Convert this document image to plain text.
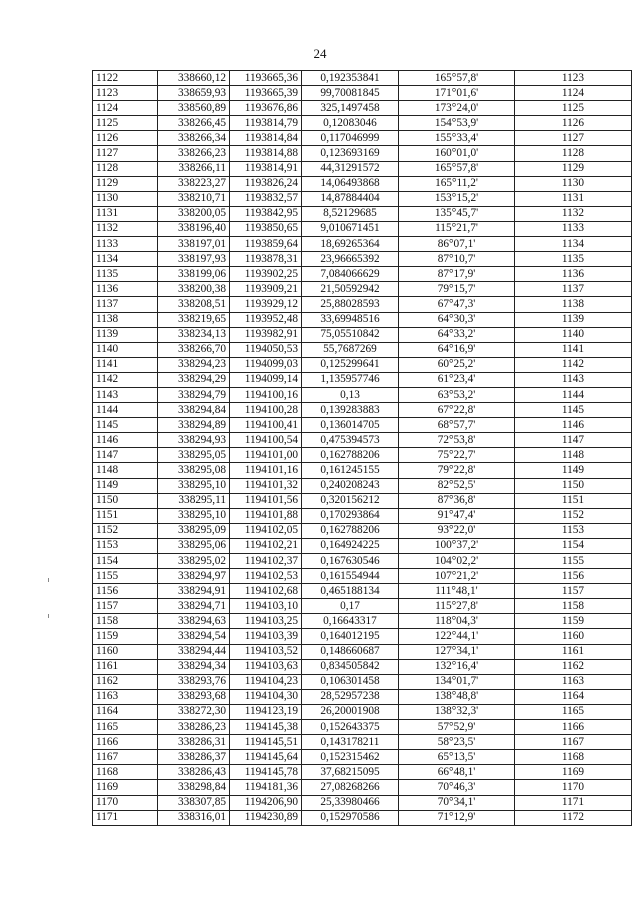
24
1122	338660,12	1193665,36	0,192353841	165°57,8'	1123
1123	338659,93	1193665,39	99,70081845	171°01,6'	1124
1124	338560,89	1193676,86	325,1497458	173°24,0'	1125
1125	338266,45	1193814,79	0,12083046	154°53,9'	1126
1126	338266,34	1193814,84	0,117046999	155°33,4'	1127
1127	338266,23	1193814,88	0,123693169	160°01,0'	1128
1128	338266,11	1193814,91	44,31291572	165°57,8'	1129
1129	338223,27	1193826,24	14,06493868	165°11,2'	1130
1130	338210,71	1193832,57	14,87884404	153°15,2'	1131
1131	338200,05	1193842,95	8,52129685	135°45,7'	1132
1132	338196,40	1193850,65	9,010671451	115°21,7'	1133
1133	338197,01	1193859,64	18,69265364	86°07,1'	1134
1134	338197,93	1193878,31	23,96665392	87°10,7'	1135
1135	338199,06	1193902,25	7,084066629	87°17,9'	1136
1136	338200,38	1193909,21	21,50592942	79°15,7'	1137
1137	338208,51	1193929,12	25,88028593	67°47,3'	1138
1138	338219,65	1193952,48	33,69948516	64°30,3'	1139
1139	338234,13	1193982,91	75,05510842	64°33,2'	1140
1140	338266,70	1194050,53	55,7687269	64°16,9'	1141
1141	338294,23	1194099,03	0,125299641	60°25,2'	1142
1142	338294,29	1194099,14	1,135957746	61°23,4'	1143
1143	338294,79	1194100,16	0,13	63°53,2'	1144
1144	338294,84	1194100,28	0,139283883	67°22,8'	1145
1145	338294,89	1194100,41	0,136014705	68°57,7'	1146
1146	338294,93	1194100,54	0,475394573	72°53,8'	1147
1147	338295,05	1194101,00	0,162788206	75°22,7'	1148
1148	338295,08	1194101,16	0,161245155	79°22,8'	1149
1149	338295,10	1194101,32	0,240208243	82°52,5'	1150
1150	338295,11	1194101,56	0,320156212	87°36,8'	1151
1151	338295,10	1194101,88	0,170293864	91°47,4'	1152
1152	338295,09	1194102,05	0,162788206	93°22,0'	1153
1153	338295,06	1194102,21	0,164924225	100°37,2'	1154
1154	338295,02	1194102,37	0,167630546	104°02,2'	1155
1155	338294,97	1194102,53	0,161554944	107°21,2'	1156
1156	338294,91	1194102,68	0,465188134	111°48,1'	1157
1157	338294,71	1194103,10	0,17	115°27,8'	1158
1158	338294,63	1194103,25	0,16643317	118°04,3'	1159
1159	338294,54	1194103,39	0,164012195	122°44,1'	1160
1160	338294,44	1194103,52	0,148660687	127°34,1'	1161
1161	338294,34	1194103,63	0,834505842	132°16,4'	1162
1162	338293,76	1194104,23	0,106301458	134°01,7'	1163
1163	338293,68	1194104,30	28,52957238	138°48,8'	1164
1164	338272,30	1194123,19	26,20001908	138°32,3'	1165
1165	338286,23	1194145,38	0,152643375	57°52,9'	1166
1166	338286,31	1194145,51	0,143178211	58°23,5'	1167
1167	338286,37	1194145,64	0,152315462	65°13,5'	1168
1168	338286,43	1194145,78	37,68215095	66°48,1'	1169
1169	338298,84	1194181,36	27,08268266	70°46,3'	1170
1170	338307,85	1194206,90	25,33980466	70°34,1'	1171
1171	338316,01	1194230,89	0,152970586	71°12,9'	1172
